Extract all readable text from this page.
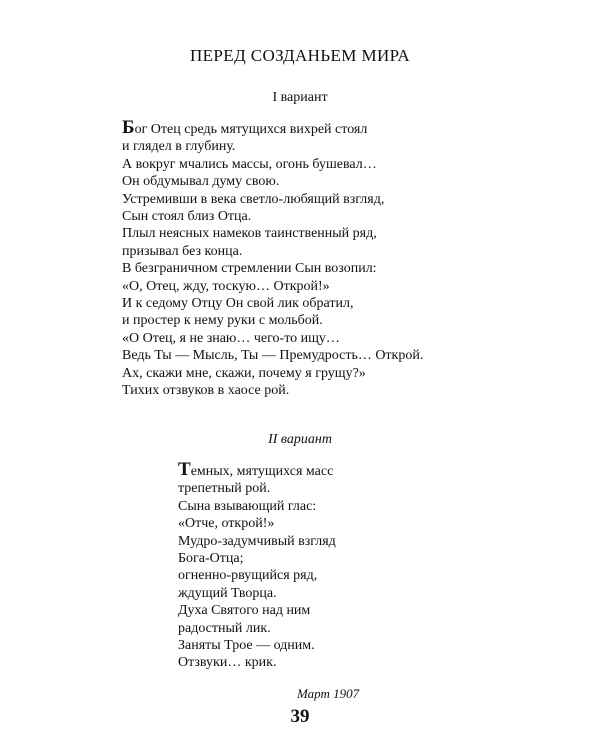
ПЕРЕД СОЗДАНЬЕМ МИРА
I вариант
Бог Отец средь мятущихся вихрей стоял
и глядел в глубину.
А вокруг мчались массы, огонь бушевал…
Он обдумывал думу свою.
Устремивши в века светло-любящий взгляд,
Сын стоял близ Отца.
Плыл неясных намеков таинственный ряд,
призывал без конца.
В безграничном стремлении Сын возопил:
«О, Отец, жду, тоскую… Открой!»
И к седому Отцу Он свой лик обратил,
и простер к нему руки с мольбой.
«О Отец, я не знаю… чего-то ищу…
Ведь Ты — Мысль, Ты — Премудрость… Открой.
Ах, скажи мне, скажи, почему я грущу?»
Тихих отзвуков в хаосе рой.
II вариант
Темных, мятущихся масс
трепетный рой.
Сына взывающий глас:
«Отче, открой!»
Мудро-задумчивый взгляд
Бога-Отца;
огненно-рвущийся ряд,
ждущий Творца.
Духа Святого над ним
радостный лик.
Заняты Трое — одним.
Отзвуки… крик.
Март 1907
39
